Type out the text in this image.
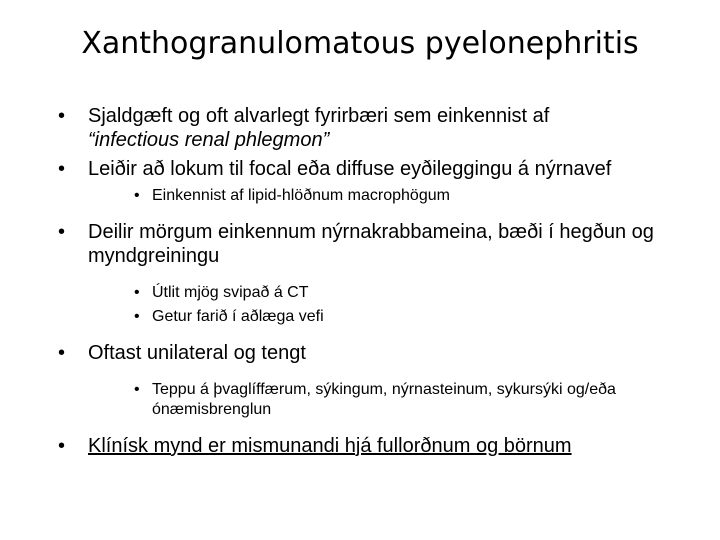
Xanthogranulomatous pyelonephritis
• Sjaldgæft og oft alvarlegt fyrirbæri sem einkennist af
“infectious renal phlegmon”
• Leiðir að lokum til focal eða diffuse eyðileggingu á nýrnavef
• Einkennist af lipid-hlöðnum macrophögum
• Deilir mörgum einkennum nýrnakrabbameina, bæði í hegðun og myndgreiningu
• Útlit mjög svipað á CT
• Getur farið í aðlæga vefi
• Oftast unilateral og tengt
• Teppu á þvaglíffærum, sýkingum, nýrnasteinum, sykursýki og/eða ónæmisbrenglun
• Klínísk mynd er mismunandi hjá fullorðnum og börnum
